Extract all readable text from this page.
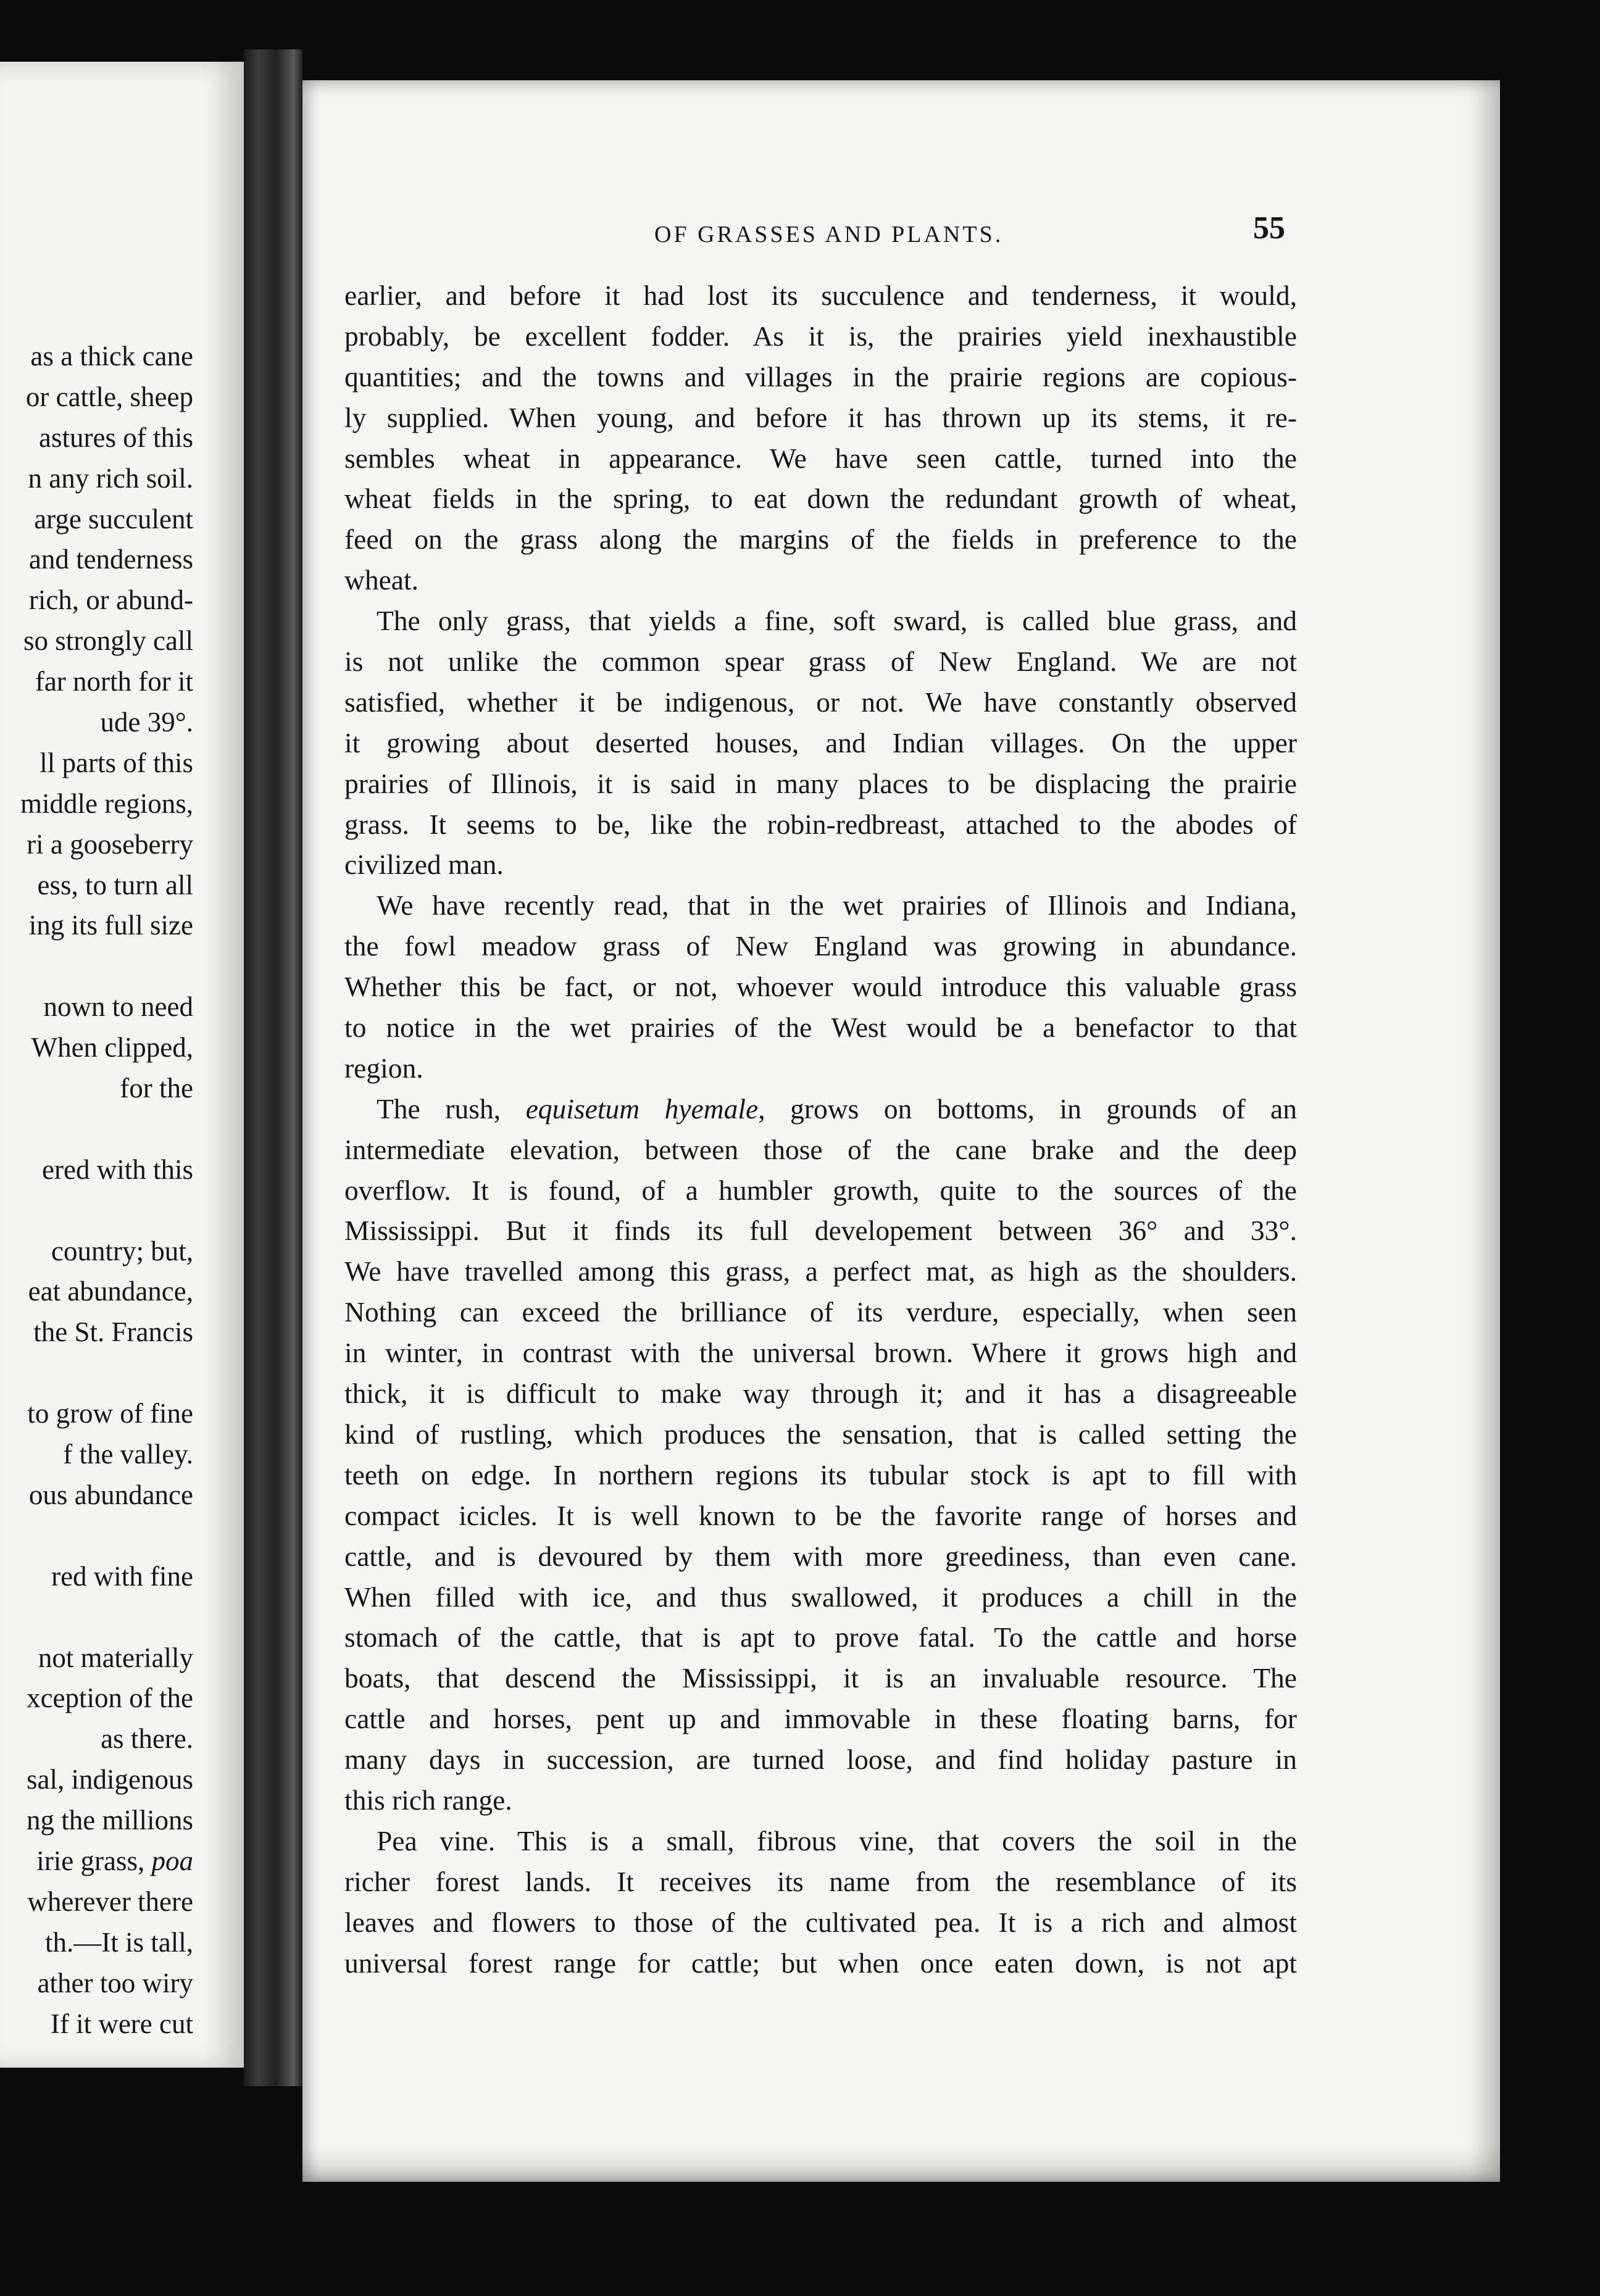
as a thick cane
or cattle, sheep
astures of this
n any rich soil.
arge succulent
and tenderness
rich, or abund-
so strongly call
far north for it
ude 39°.
ll parts of this
middle regions,
ri a gooseberry
ess, to turn all
ing its full size
nown to need
When clipped,
for the
ered with this
country; but,
eat abundance,
the St. Francis
to grow of fine
f the valley.
ous abundance
red with fine
not materially
xception of the
as there.
sal, indigenous
ng the millions
irie grass, poa
wherever there
th.—It is tall,
ather too wiry
If it were cut
OF GRASSES AND PLANTS.	55
earlier, and before it had lost its succulence and tenderness, it would,
probably, be excellent fodder. As it is, the prairies yield inexhaustible
quantities; and the towns and villages in the prairie regions are copious-
ly supplied. When young, and before it has thrown up its stems, it re-
sembles wheat in appearance. We have seen cattle, turned into the
wheat fields in the spring, to eat down the redundant growth of wheat,
feed on the grass along the margins of the fields in preference to the
wheat.
The only grass, that yields a fine, soft sward, is called blue grass, and
is not unlike the common spear grass of New England. We are not
satisfied, whether it be indigenous, or not. We have constantly observed
it growing about deserted houses, and Indian villages. On the upper
prairies of Illinois, it is said in many places to be displacing the prairie
grass. It seems to be, like the robin-redbreast, attached to the abodes of
civilized man.
We have recently read, that in the wet prairies of Illinois and Indiana,
the fowl meadow grass of New England was growing in abundance.
Whether this be fact, or not, whoever would introduce this valuable grass
to notice in the wet prairies of the West would be a benefactor to that
region.
The rush, equisetum hyemale, grows on bottoms, in grounds of an
intermediate elevation, between those of the cane brake and the deep
overflow. It is found, of a humbler growth, quite to the sources of the
Mississippi. But it finds its full developement between 36° and 33°.
We have travelled among this grass, a perfect mat, as high as the shoulders.
Nothing can exceed the brilliance of its verdure, especially, when seen
in winter, in contrast with the universal brown. Where it grows high and
thick, it is difficult to make way through it; and it has a disagreeable
kind of rustling, which produces the sensation, that is called setting the
teeth on edge. In northern regions its tubular stock is apt to fill with
compact icicles. It is well known to be the favorite range of horses and
cattle, and is devoured by them with more greediness, than even cane.
When filled with ice, and thus swallowed, it produces a chill in the
stomach of the cattle, that is apt to prove fatal. To the cattle and horse
boats, that descend the Mississippi, it is an invaluable resource. The
cattle and horses, pent up and immovable in these floating barns, for
many days in succession, are turned loose, and find holiday pasture in
this rich range.
Pea vine. This is a small, fibrous vine, that covers the soil in the
richer forest lands. It receives its name from the resemblance of its
leaves and flowers to those of the cultivated pea. It is a rich and almost
universal forest range for cattle; but when once eaten down, is not apt
